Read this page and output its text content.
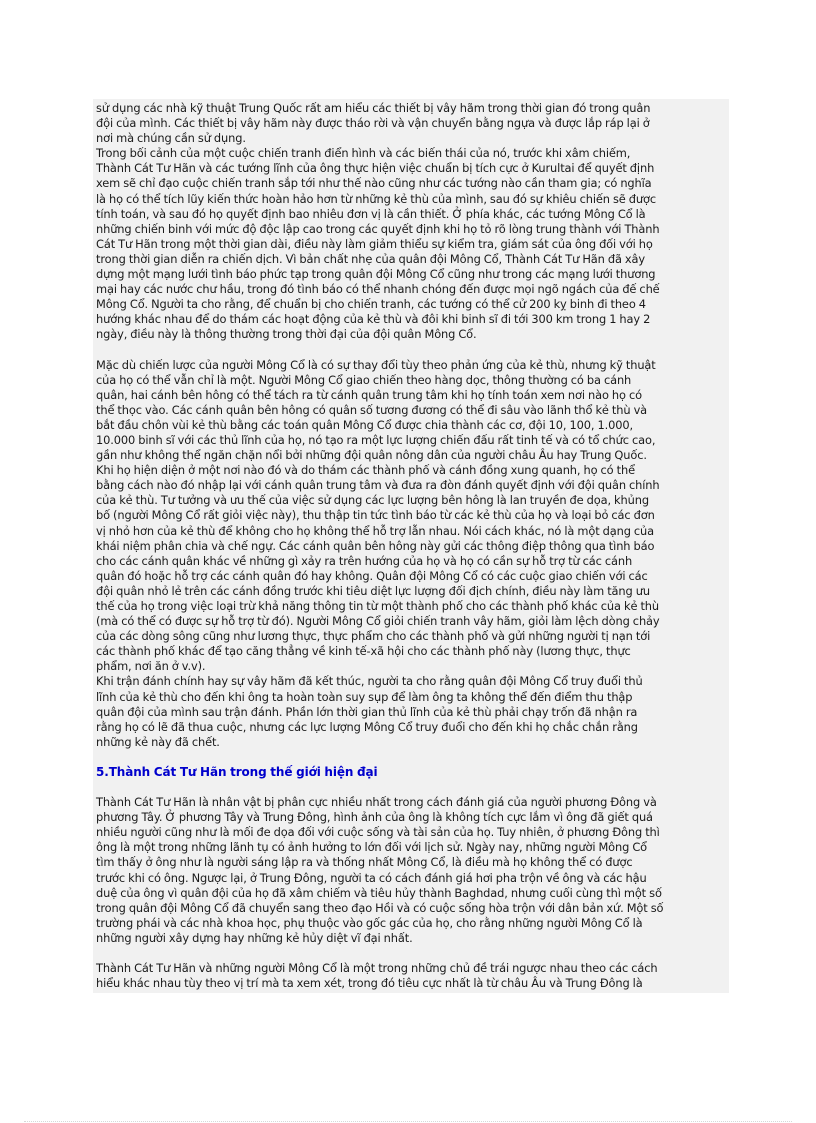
sử dụng các nhà kỹ thuật Trung Quốc rất am hiểu các thiết bị vây hãm trong thời gian đó trong quân
đội của mình. Các thiết bị vây hãm này được tháo rời và vận chuyển bằng ngựa và được lắp ráp lại ở
nơi mà chúng cần sử dụng.

Trong bối cảnh của một cuộc chiến tranh điển hình và các biến thái của nó, trước khi xâm chiếm,
Thành Cát Tư Hãn và các tướng lĩnh của ông thực hiện việc chuẩn bị tích cực ở Kurultai để quyết định
xem sẽ chỉ đạo cuộc chiến tranh sắp tới như thế nào cũng như các tướng nào cần tham gia; có nghĩa
là họ có thể tích lũy kiến thức hoàn hảo hơn từ những kẻ thù của mình, sau đó sự khiêu chiến sẽ được
tính toán, và sau đó họ quyết định bao nhiêu đơn vị là cần thiết. Ở phía khác, các tướng Mông Cổ là
những chiến binh với mức độ độc lập cao trong các quyết định khi họ tỏ rõ lòng trung thành với Thành
Cát Tư Hãn trong một thời gian dài, điều này làm giảm thiểu sự kiểm tra, giám sát của ông đối với họ
trong thời gian diễn ra chiến dịch. Vì bản chất nhẹ của quân đội Mông Cổ, Thành Cát Tư Hãn đã xây
dựng một mạng lưới tình báo phức tạp trong quân đội Mông Cổ cũng như trong các mạng lưới thương
mại hay các nước chư hầu, trong đó tình báo có thể nhanh chóng đến được mọi ngõ ngách của đế chế
Mông Cổ. Người ta cho rằng, để chuẩn bị cho chiến tranh, các tướng có thể cử 200 kỵ binh đi theo 4
hướng khác nhau để do thám các hoạt động của kẻ thù và đôi khi binh sĩ đi tới 300 km trong 1 hay 2
ngày, điều này là thông thường trong thời đại của đội quân Mông Cổ.

Mặc dù chiến lược của người Mông Cổ là có sự thay đổi tùy theo phản ứng của kẻ thù, nhưng kỹ thuật
của họ có thể vẫn chỉ là một. Người Mông Cổ giao chiến theo hàng dọc, thông thường có ba cánh
quân, hai cánh bên hông có thể tách ra từ cánh quân trung tâm khi họ tính toán xem nơi nào họ có
thể thọc vào. Các cánh quân bên hông có quân số tương đương có thể đi sâu vào lãnh thổ kẻ thù và
bắt đầu chôn vùi kẻ thù bằng các toán quân Mông Cổ được chia thành các cơ, đội 10, 100, 1.000,
10.000 binh sĩ với các thủ lĩnh của họ, nó tạo ra một lực lượng chiến đấu rất tinh tế và có tổ chức cao,
gần như không thể ngăn chặn nổi bởi những đội quân nông dân của người châu Âu hay Trung Quốc.
Khi họ hiện diện ở một nơi nào đó và do thám các thành phố và cánh đồng xung quanh, họ có thể
bằng cách nào đó nhập lại với cánh quân trung tâm và đưa ra đòn đánh quyết định với đội quân chính
của kẻ thù. Tư tưởng và ưu thế của việc sử dụng các lực lượng bên hông là lan truyền đe dọa, khủng
bố (người Mông Cổ rất giỏi việc này), thu thập tin tức tình báo từ các kẻ thù của họ và loại bỏ các đơn
vị nhỏ hơn của kẻ thù để không cho họ không thể hỗ trợ lẫn nhau. Nói cách khác, nó là một dạng của
khái niệm phân chia và chế ngự. Các cánh quân bên hông này gửi các thông điệp thông qua tình báo
cho các cánh quân khác về những gì xảy ra trên hướng của họ và họ có cần sự hỗ trợ từ các cánh
quân đó hoặc hỗ trợ các cánh quân đó hay không. Quân đội Mông Cổ có các cuộc giao chiến với các
đội quân nhỏ lẻ trên các cánh đồng trước khi tiêu diệt lực lượng đối địch chính, điều này làm tăng ưu
thế của họ trong việc loại trừ khả năng thông tin từ một thành phố cho các thành phố khác của kẻ thù
(mà có thể có được sự hỗ trợ từ đó). Người Mông Cổ giỏi chiến tranh vây hãm, giỏi làm lệch dòng chảy
của các dòng sông cũng như lương thực, thực phẩm cho các thành phố và gửi những người tị nạn tới
các thành phố khác để tạo căng thẳng về kinh tế-xã hội cho các thành phố này (lương thực, thực
phẩm, nơi ăn ở v.v).

Khi trận đánh chính hay sự vây hãm đã kết thúc, người ta cho rằng quân đội Mông Cổ truy đuổi thủ
lĩnh của kẻ thù cho đến khi ông ta hoàn toàn suy sụp để làm ông ta không thể đến điểm thu thập
quân đội của mình sau trận đánh. Phần lớn thời gian thủ lĩnh của kẻ thù phải chạy trốn đã nhận ra
rằng họ có lẽ đã thua cuộc, nhưng các lực lượng Mông Cổ truy đuổi cho đến khi họ chắc chắn rằng
những kẻ này đã chết.

5.Thành Cát Tư Hãn trong thế giới hiện đại

Thành Cát Tư Hãn là nhân vật bị phân cực nhiều nhất trong cách đánh giá của người phương Đông và
phương Tây. Ở phương Tây và Trung Đông, hình ảnh của ông là không tích cực lắm vì ông đã giết quá
nhiều người cũng như là mối đe dọa đối với cuộc sống và tài sản của họ. Tuy nhiên, ở phương Đông thì
ông là một trong những lãnh tụ có ảnh hưởng to lớn đối với lịch sử. Ngày nay, những người Mông Cổ
tìm thấy ở ông như là người sáng lập ra và thống nhất Mông Cổ, là điều mà họ không thể có được
trước khi có ông. Ngược lại, ở Trung Đông, người ta có cách đánh giá hơi pha trộn về ông và các hậu
duệ của ông vì quân đội của họ đã xâm chiếm và tiêu hủy thành Baghdad, nhưng cuối cùng thì một số
trong quân đội Mông Cổ đã chuyển sang theo đạo Hồi và có cuộc sống hòa trộn với dân bản xứ. Một số
trường phái và các nhà khoa học, phụ thuộc vào gốc gác của họ, cho rằng những người Mông Cổ là
những người xây dựng hay những kẻ hủy diệt vĩ đại nhất.

Thành Cát Tư Hãn và những người Mông Cổ là một trong những chủ đề trái ngược nhau theo các cách
hiểu khác nhau tùy theo vị trí mà ta xem xét, trong đó tiêu cực nhất là từ châu Âu và Trung Đông là
